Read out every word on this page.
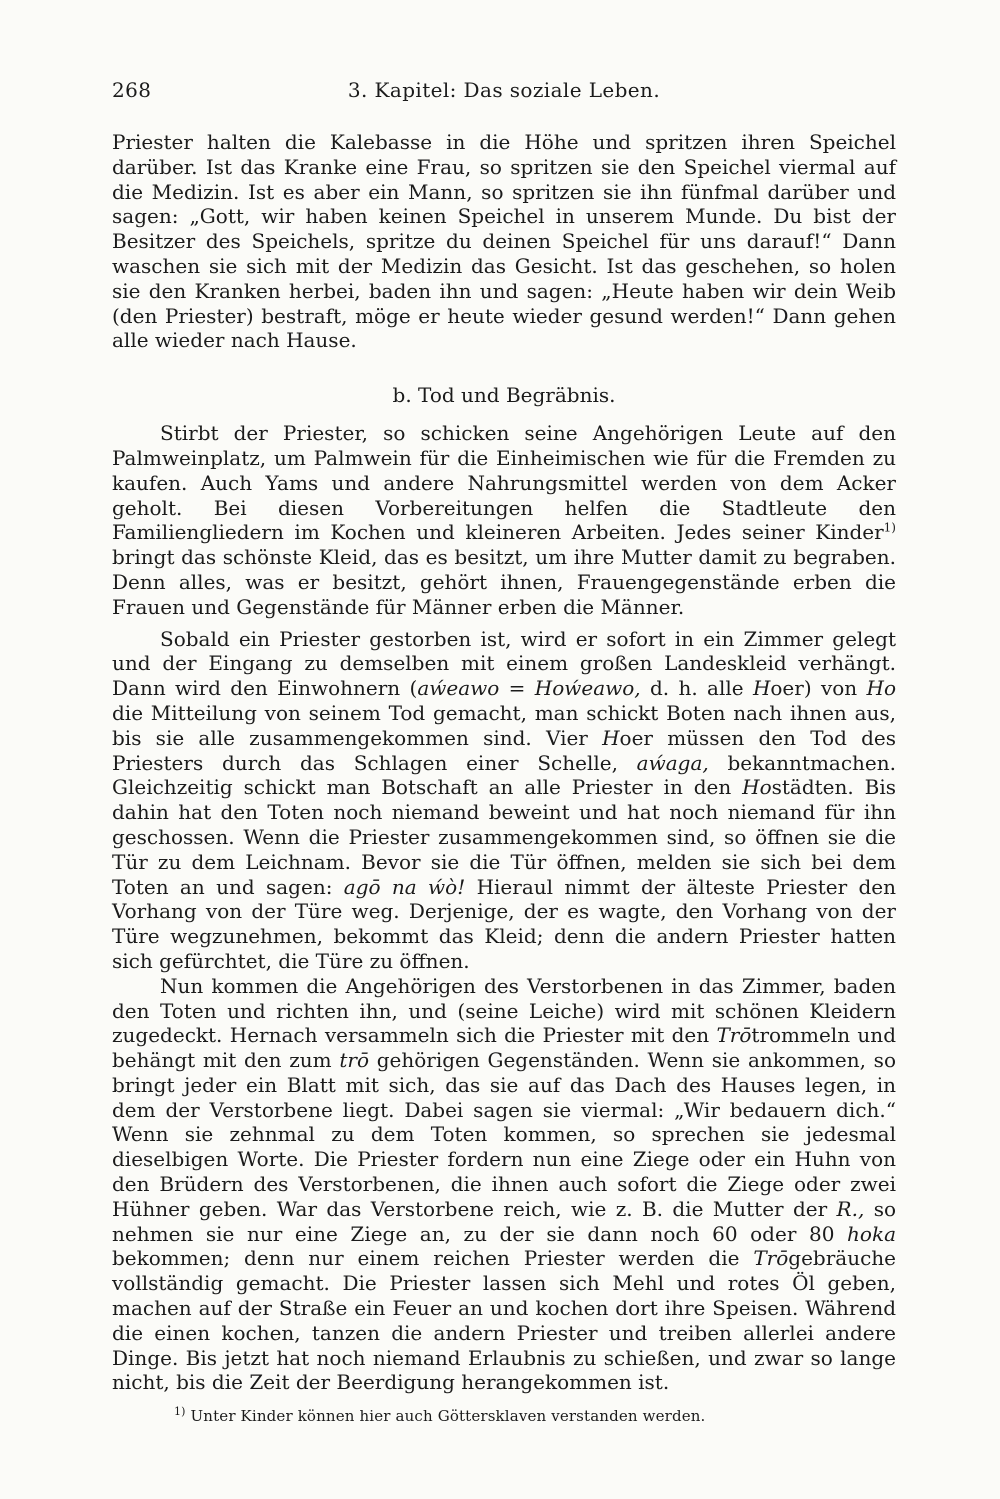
268	3. Kapitel: Das soziale Leben.

Priester halten die Kalebasse in die Höhe und spritzen ihren Speichel darüber. Ist das Kranke eine Frau, so spritzen sie den Speichel viermal auf die Medizin. Ist es aber ein Mann, so spritzen sie ihn fünfmal darüber und sagen: „Gott, wir haben keinen Speichel in unserem Munde. Du bist der Besitzer des Speichels, spritze du deinen Speichel für uns darauf!“ Dann waschen sie sich mit der Medizin das Gesicht. Ist das geschehen, so holen sie den Kranken herbei, baden ihn und sagen: „Heute haben wir dein Weib (den Priester) bestraft, möge er heute wieder gesund werden!“ Dann gehen alle wieder nach Hause.

b. Tod und Begräbnis.

Stirbt der Priester, so schicken seine Angehörigen Leute auf den Palmweinplatz, um Palmwein für die Einheimischen wie für die Fremden zu kaufen. Auch Yams und andere Nahrungsmittel werden von dem Acker geholt. Bei diesen Vorbereitungen helfen die Stadtleute den Familiengliedern im Kochen und kleineren Arbeiten. Jedes seiner Kinder$^{1)}$ bringt das schönste Kleid, das es besitzt, um ihre Mutter damit zu begraben. Denn alles, was er besitzt, gehört ihnen, Frauengegenstände erben die Frauen und Gegenstände für Männer erben die Männer.

Sobald ein Priester gestorben ist, wird er sofort in ein Zimmer gelegt und der Eingang zu demselben mit einem großen Landeskleid verhängt. Dann wird den Einwohnern (aẃeawo = Hoẃeawo, d. h. alle Hoer) von Ho die Mitteilung von seinem Tod gemacht, man schickt Boten nach ihnen aus, bis sie alle zusammengekommen sind. Vier Hoer müssen den Tod des Priesters durch das Schlagen einer Schelle, aẃaga, bekanntmachen. Gleichzeitig schickt man Botschaft an alle Priester in den Hostädten. Bis dahin hat den Toten noch niemand beweint und hat noch niemand für ihn geschossen. Wenn die Priester zusammengekommen sind, so öffnen sie die Tür zu dem Leichnam. Bevor sie die Tür öffnen, melden sie sich bei dem Toten an und sagen: agō na ẃò! Hieraul nimmt der älteste Priester den Vorhang von der Türe weg. Derjenige, der es wagte, den Vorhang von der Türe wegzunehmen, bekommt das Kleid; denn die andern Priester hatten sich gefürchtet, die Türe zu öffnen.

Nun kommen die Angehörigen des Verstorbenen in das Zimmer, baden den Toten und richten ihn, und (seine Leiche) wird mit schönen Kleidern zugedeckt. Hernach versammeln sich die Priester mit den Trōtrommeln und behängt mit den zum trō gehörigen Gegenständen. Wenn sie ankommen, so bringt jeder ein Blatt mit sich, das sie auf das Dach des Hauses legen, in dem der Verstorbene liegt. Dabei sagen sie viermal: „Wir bedauern dich.“ Wenn sie zehnmal zu dem Toten kommen, so sprechen sie jedesmal dieselbigen Worte. Die Priester fordern nun eine Ziege oder ein Huhn von den Brüdern des Verstorbenen, die ihnen auch sofort die Ziege oder zwei Hühner geben. War das Verstorbene reich, wie z. B. die Mutter der R., so nehmen sie nur eine Ziege an, zu der sie dann noch 60 oder 80 hoka bekommen; denn nur einem reichen Priester werden die Trōgebräuche vollständig gemacht. Die Priester lassen sich Mehl und rotes Öl geben, machen auf der Straße ein Feuer an und kochen dort ihre Speisen. Während die einen kochen, tanzen die andern Priester und treiben allerlei andere Dinge. Bis jetzt hat noch niemand Erlaubnis zu schießen, und zwar so lange nicht, bis die Zeit der Beerdigung herangekommen ist.

$^{1)}$ Unter Kinder können hier auch Göttersklaven verstanden werden.
